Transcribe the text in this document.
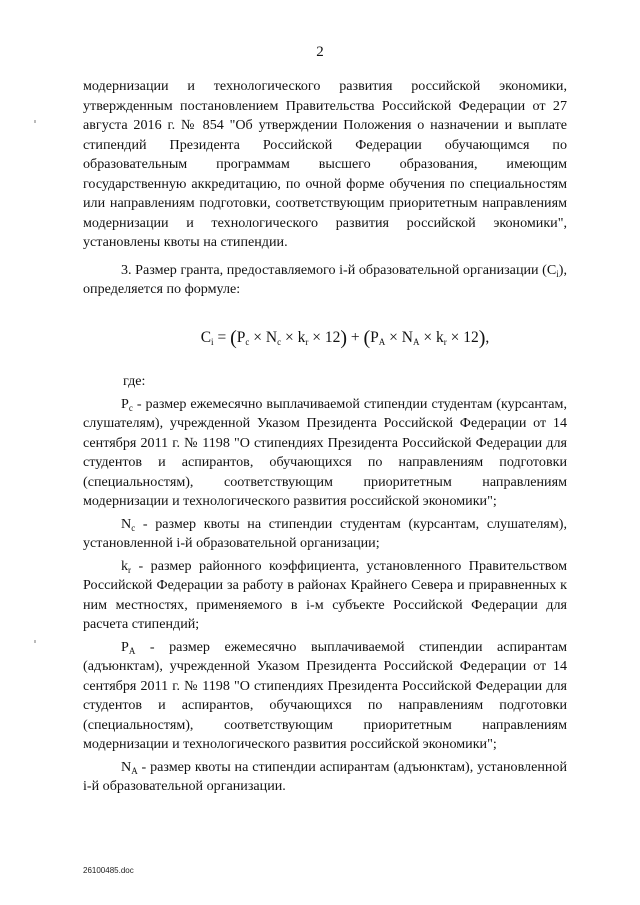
2

модернизации и технологического развития российской экономики, утвержденным постановлением Правительства Российской Федерации от 27 августа 2016 г. № 854 "Об утверждении Положения о назначении и выплате стипендий Президента Российской Федерации обучающимся по образовательным программам высшего образования, имеющим государственную аккредитацию, по очной форме обучения по специальностям или направлениям подготовки, соответствующим приоритетным направлениям модернизации и технологического развития российской экономики", установлены квоты на стипендии.

3. Размер гранта, предоставляемого i-й образовательной организации $(C_i)$, определяется по формуле:

$C_i = (P_c \times N_c \times k_r \times 12) + (P_A \times N_A \times k_r \times 12)$,

где:

$P_c$ - размер ежемесячно выплачиваемой стипендии студентам (курсантам, слушателям), учрежденной Указом Президента Российской Федерации от 14 сентября 2011 г. № 1198 "О стипендиях Президента Российской Федерации для студентов и аспирантов, обучающихся по направлениям подготовки (специальностям), соответствующим приоритетным направлениям модернизации и технологического развития российской экономики";

$N_c$ - размер квоты на стипендии студентам (курсантам, слушателям), установленной i-й образовательной организации;

$k_r$ - размер районного коэффициента, установленного Правительством Российской Федерации за работу в районах Крайнего Севера и приравненных к ним местностях, применяемого в i-м субъекте Российской Федерации для расчета стипендий;

$P_A$ - размер ежемесячно выплачиваемой стипендии аспирантам (адъюнктам), учрежденной Указом Президента Российской Федерации от 14 сентября 2011 г. № 1198 "О стипендиях Президента Российской Федерации для студентов и аспирантов, обучающихся по направлениям подготовки (специальностям), соответствующим приоритетным направлениям модернизации и технологического развития российской экономики";

$N_A$ - размер квоты на стипендии аспирантам (адъюнктам), установленной i-й образовательной организации.

26100485.doc
